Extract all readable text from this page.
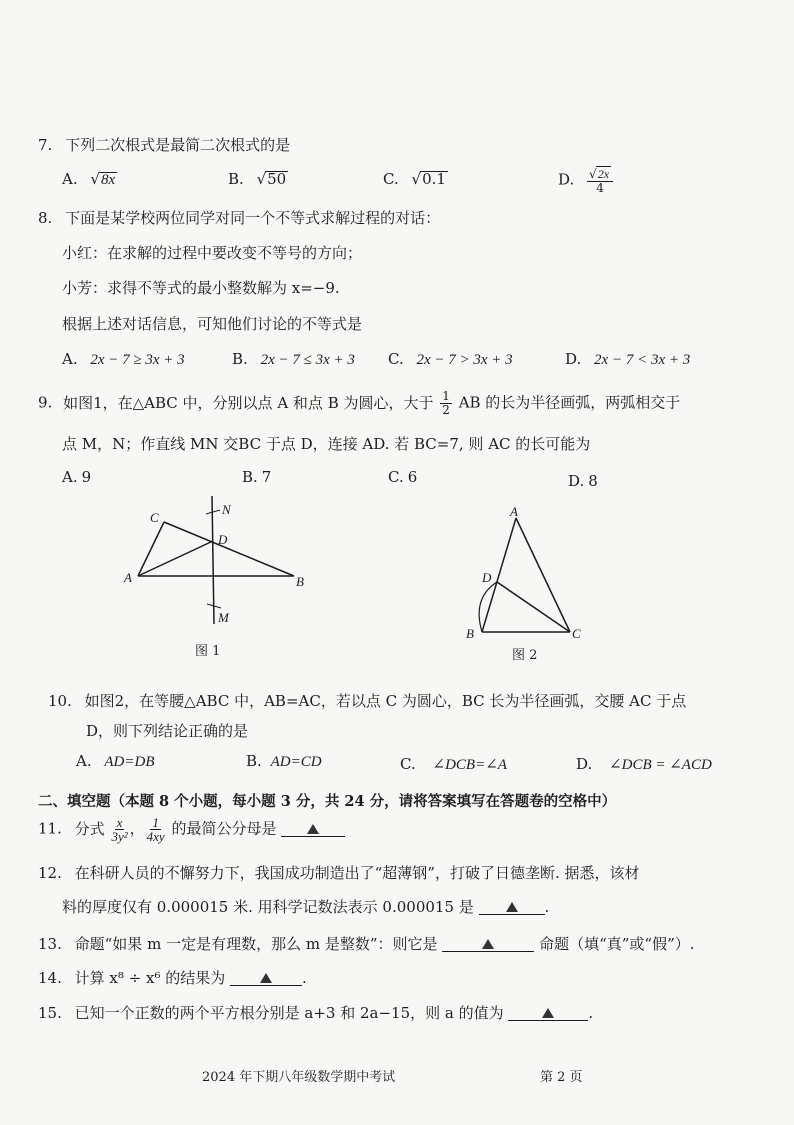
7. 下列二次根式是最简二次根式的是
A. √8x	B. √50	C. √0.1	D. $\frac{√2x}{4}$
8. 下面是某学校两位同学对同一个不等式求解过程的对话：
小红：在求解的过程中要改变不等号的方向；
小芳：求得不等式的最小整数解为 x=−9.
根据上述对话信息，可知他们讨论的不等式是
A. 2x − 7 ≥ 3x + 3	B. 2x − 7 ≤ 3x + 3 C. 2x − 7 > 3x + 3	D. 2x − 7 < 3x + 3
9. 如图1，在△ABC 中，分别以点 A 和点 B 为圆心，大于 $\frac{1}{2}$ AB 的长为半径画弧，两弧相交于
点 M，N；作直线 MN 交BC 于点 D，连接 AD. 若 BC=7, 则 AC 的长可能为
A. 9	B. 7	C. 6	D. 8
C
D
N
A	B
M
图 1
A
D
B	C
图 2
10. 如图2，在等腰△ABC 中，AB=AC，若以点 C 为圆心，BC 长为半径画弧，交腰 AC 于点
D，则下列结论正确的是
A. AD=DB	B. AD=CD	C. ∠DCB=∠A	D. ∠DCB = ∠ACD
二、填空题（本题 8 个小题，每小题 3 分，共 24 分，请将答案填写在答题卷的空格中）
11. 分式 $\frac{x}{\text{3y²}}$ ， $\frac{1}{4xy}$ 的最简公分母是
12. 在科研人员的不懈努力下，我国成功制造出了“超薄钢”，打破了日德垄断. 据悉，该材
料的厚度仅有 0.000015 米. 用科学记数法表示 0.000015 是	.
13. 命题“如果 m 一定是有理数，那么 m 是整数”：则它是	命题（填“真”或“假”）.
14. 计算 x⁸ ÷ x⁶ 的结果为	.
15. 已知一个正数的两个平方根分别是 a+3 和 2a−15，则 a 的值为	.
2024 年下期八年级数学期中考试	第 2 页
